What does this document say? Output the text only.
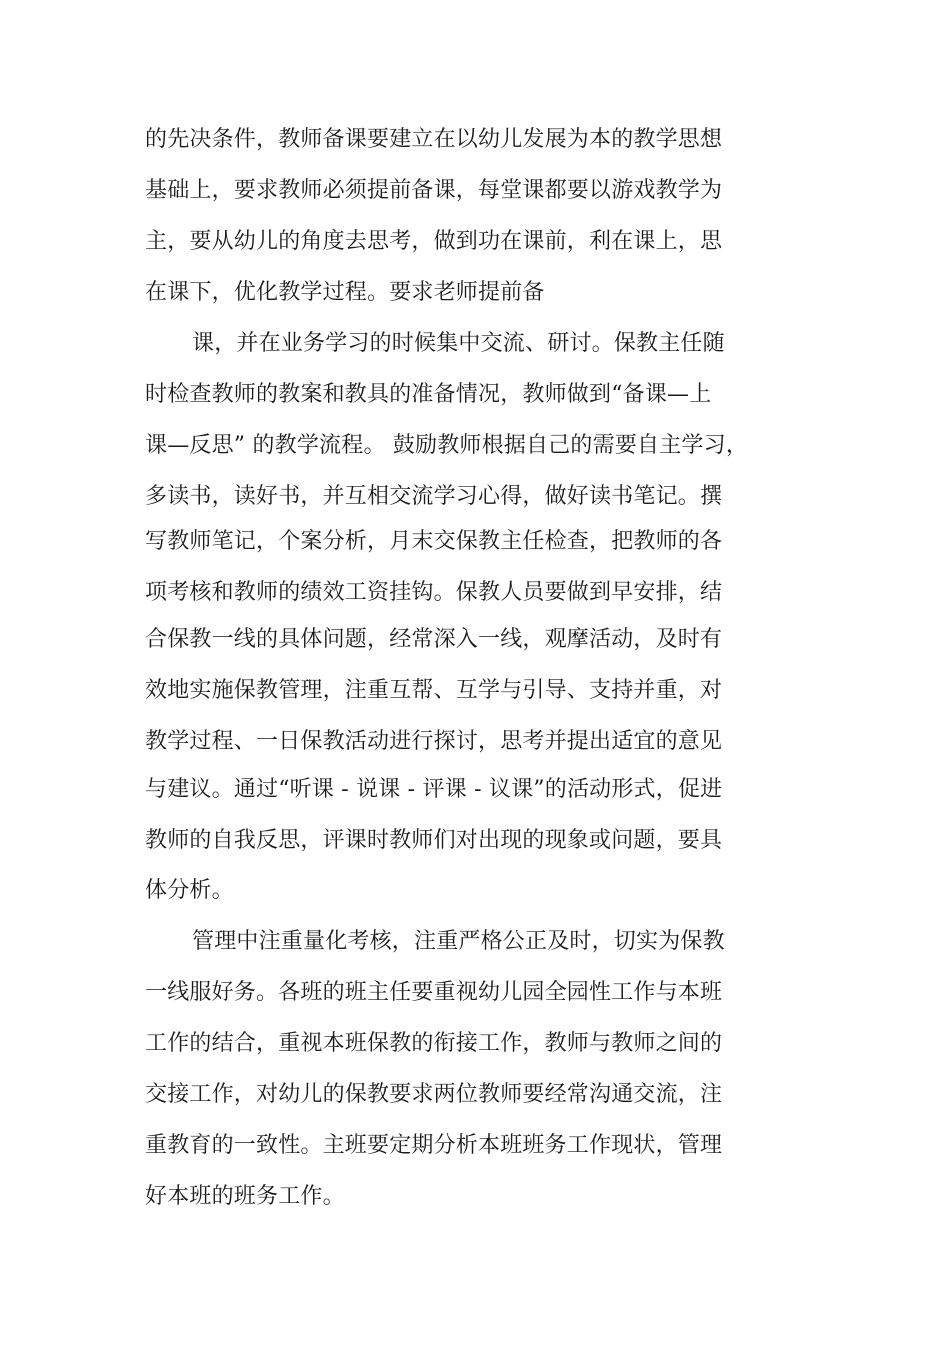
的先决条件，教师备课要建立在以幼儿发展为本的教学思想
基础上，要求教师必须提前备课，每堂课都要以游戏教学为
主，要从幼儿的角度去思考，做到功在课前，利在课上，思
在课下，优化教学过程。要求老师提前备
课，并在业务学习的时候集中交流、研讨。保教主任随
时检查教师的教案和教具的准备情况，教师做到“备课—上
课—反思” 的教学流程。 鼓励教师根据自己的需要自主学习，
多读书，读好书，并互相交流学习心得，做好读书笔记。撰
写教师笔记，个案分析，月末交保教主任检查，把教师的各
项考核和教师的绩效工资挂钩。保教人员要做到早安排，结
合保教一线的具体问题，经常深入一线，观摩活动，及时有
效地实施保教管理，注重互帮、互学与引导、支持并重，对
教学过程、一日保教活动进行探讨，思考并提出适宜的意见
与建议。通过“听课 - 说课 - 评课 - 议课”的活动形式，促进
教师的自我反思，评课时教师们对出现的现象或问题，要具
体分析。
管理中注重量化考核，注重严格公正及时，切实为保教
一线服好务。各班的班主任要重视幼儿园全园性工作与本班
工作的结合，重视本班保教的衔接工作，教师与教师之间的
交接工作，对幼儿的保教要求两位教师要经常沟通交流，注
重教育的一致性。主班要定期分析本班班务工作现状，管理
好本班的班务工作。
